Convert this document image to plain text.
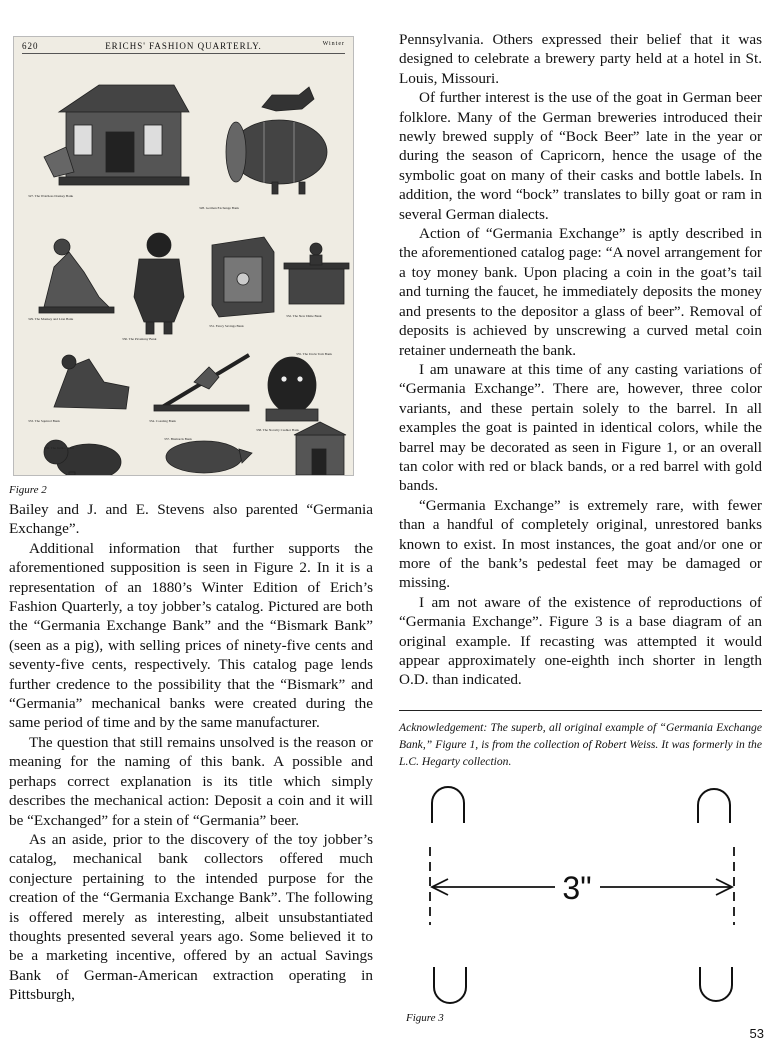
620	ERICHS' FASHION QUARTERLY.	Winter
327. The Wotriless Donkey Bank
328. German Exchange Bank
329. The Monkey and Lion Bank
330. The Picaninny Bank
331. Fancy Savings Bank
332. The New Dime Bank
333. The Squirrel Bank	334. Coasting Bank
335. The Uncle Tom Bank
336. The Jumbo Bank
337. Bismarck Bank
338. The Novelty Cashier Bank
Figure 2

Bailey and J. and E. Stevens also parented “Germania Exchange”.

Additional information that further supports the aforementioned supposition is seen in Figure 2. In it is a representation of an 1880’s Winter Edition of Erich’s Fashion Quarterly, a toy jobber’s catalog. Pictured are both the “Germania Exchange Bank” and the “Bismark Bank” (seen as a pig), with selling prices of ninety-five cents and seventy-five cents, respectively. This catalog page lends further credence to the possibility that the “Bismark” and “Germania” mechanical banks were created during the same period of time and by the same manufacturer.

The question that still remains unsolved is the reason or meaning for the naming of this bank. A possible and perhaps correct explanation is its title which simply describes the mechanical action: Deposit a coin and it will be “Exchanged” for a stein of “Germania” beer.

As an aside, prior to the discovery of the toy jobber’s catalog, mechanical bank collectors offered much conjecture pertaining to the intended purpose for the creation of the “Germania Exchange Bank”. The following is offered merely as interesting, albeit unsubstantiated thoughts presented several years ago. Some believed it to be a marketing incentive, offered by an actual Savings Bank of German-American extraction operating in Pittsburgh,

Pennsylvania. Others expressed their belief that it was designed to celebrate a brewery party held at a hotel in St. Louis, Missouri.

Of further interest is the use of the goat in German beer folklore. Many of the German breweries introduced their newly brewed supply of “Bock Beer” late in the year or during the season of Capricorn, hence the usage of the symbolic goat on many of their casks and bottle labels. In addition, the word “bock” translates to billy goat or ram in several German dialects.

Action of “Germania Exchange” is aptly described in the aforementioned catalog page: “A novel arrangement for a toy money bank. Upon placing a coin in the goat’s tail and turning the faucet, he immediately deposits the money and presents to the depositor a glass of beer”. Removal of deposits is achieved by unscrewing a curved metal coin retainer underneath the bank.

I am unaware at this time of any casting variations of “Germania Exchange”. There are, however, three color variants, and these pertain solely to the barrel. In all examples the goat is painted in identical colors, while the barrel may be decorated as seen in Figure 1, or an overall tan color with red or black bands, or a red barrel with gold bands.

“Germania Exchange” is extremely rare, with fewer than a handful of completely original, unrestored banks known to exist. In most instances, the goat and/or one or more of the bank’s pedestal feet may be damaged or missing.

I am not aware of the existence of reproductions of “Germania Exchange”. Figure 3 is a base diagram of an original example. If recasting was attempted it would appear approximately one-eighth inch shorter in length O.D. than indicated.

Acknowledgement: The superb, all original example of “Germania Exchange Bank,” Figure 1, is from the collection of Robert Weiss. It was formerly in the L.C. Hegarty collection.

3"
Figure 3
53
